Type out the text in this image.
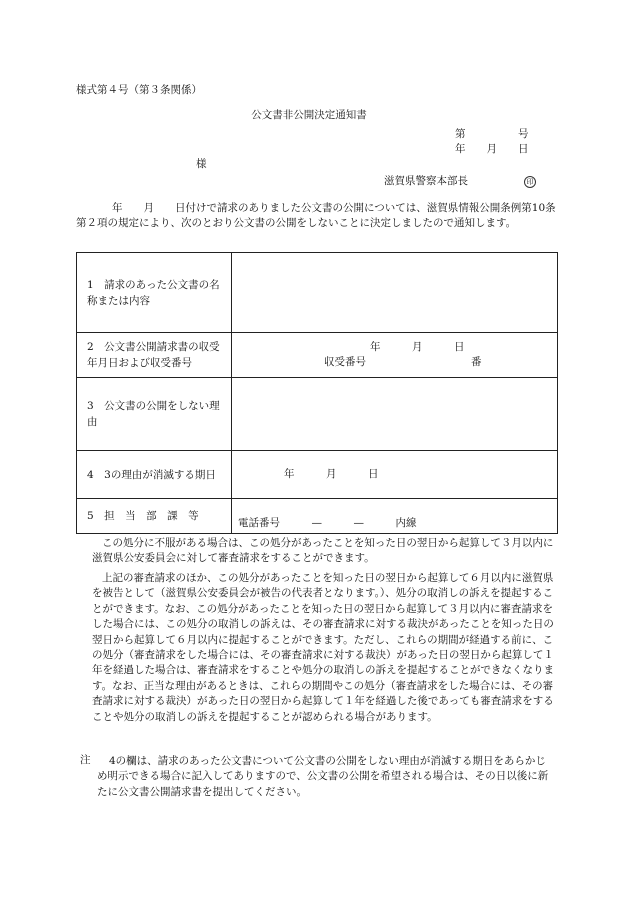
様式第４号（第３条関係）
公文書非公開決定通知書
第　　　　　号
年　　月　　日
様
滋賀県警察本部長	印
年　　月　　日付けで請求のありました公文書の公開については、滋賀県情報公開条例第10条第２項の規定により、次のとおり公文書の公開をしないことに決定しましたので通知します。
1　請求のあった公文書の名称または内容	
2　公文書公開請求書の収受年月日および収受番号	年　　　月　　　日
収受番号　　　　　　　　　　番

3　公文書の公開をしない理由	
4　3の理由が消滅する期日	年　　　月　　　日
5　担　当　部　課　等	電話番号　　　—　　　—　　　内線
この処分に不服がある場合は、この処分があったことを知った日の翌日から起算して３月以内に滋賀県公安委員会に対して審査請求をすることができます。
上記の審査請求のほか、この処分があったことを知った日の翌日から起算して６月以内に滋賀県を被告として（滋賀県公安委員会が被告の代表者となります。）、処分の取消しの訴えを提起することができます。なお、この処分があったことを知った日の翌日から起算して３月以内に審査請求をした場合には、この処分の取消しの訴えは、その審査請求に対する裁決があったことを知った日の翌日から起算して６月以内に提起することができます。ただし、これらの期間が経過する前に、この処分（審査請求をした場合には、その審査請求に対する裁決）があった日の翌日から起算して１年を経過した場合は、審査請求をすることや処分の取消しの訴えを提起することができなくなります。なお、正当な理由があるときは、これらの期間やこの処分（審査請求をした場合には、その審査請求に対する裁決）があった日の翌日から起算して１年を経過した後であっても審査請求をすることや処分の取消しの訴えを提起することが認められる場合があります。
注	4の欄は、請求のあった公文書について公文書の公開をしない理由が消滅する期日をあらかじめ明示できる場合に記入してありますので、公文書の公開を希望される場合は、その日以後に新たに公文書公開請求書を提出してください。
